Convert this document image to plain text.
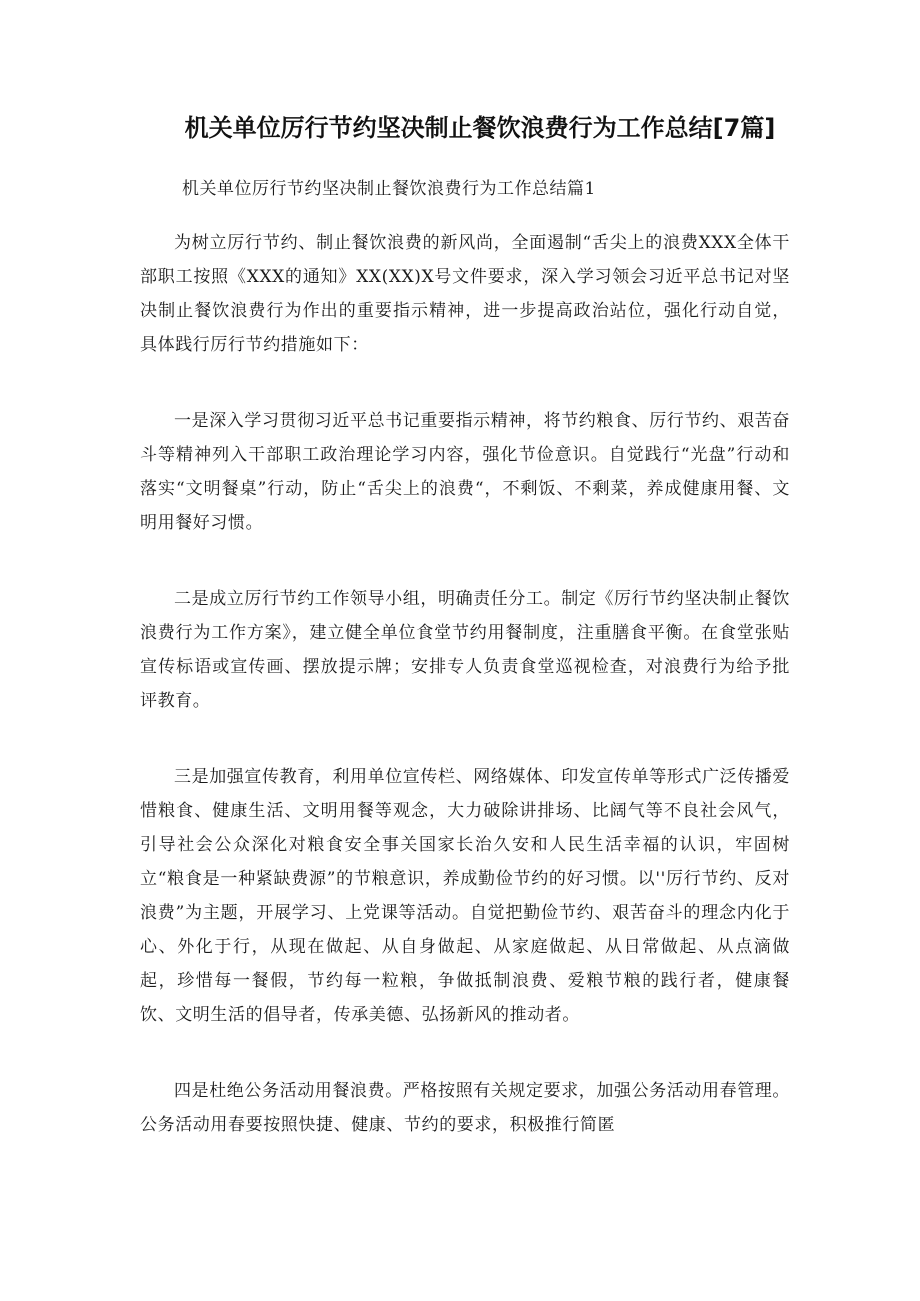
机关单位厉行节约坚决制止餐饮浪费行为工作总结[7篇]
机关单位厉行节约坚决制止餐饮浪费行为工作总结篇1

为树立厉行节约、制止餐饮浪费的新风尚，全面遏制“舌尖上的浪费XXX全体干部职工按照《XXX的通知》XX(XX)X号文件要求，深入学习领会习近平总书记对坚决制止餐饮浪费行为作出的重要指示精神，进一步提高政治站位，强化行动自觉，具体践行厉行节约措施如下：

一是深入学习贯彻习近平总书记重要指示精神，将节约粮食、厉行节约、艰苦奋斗等精神列入干部职工政治理论学习内容，强化节俭意识。自觉践行“光盘”行动和落实“文明餐桌”行动，防止“舌尖上的浪费“，不剩饭、不剩菜，养成健康用餐、文明用餐好习惯。

二是成立厉行节约工作领导小组，明确责任分工。制定《厉行节约坚决制止餐饮浪费行为工作方案》，建立健全单位食堂节约用餐制度，注重膳食平衡。在食堂张贴宣传标语或宣传画、摆放提示牌；安排专人负责食堂巡视检查，对浪费行为给予批评教育。

三是加强宣传教育，利用单位宣传栏、网络媒体、印发宣传单等形式广泛传播爱惜粮食、健康生活、文明用餐等观念，大力破除讲排场、比阔气等不良社会风气，引导社会公众深化对粮食安全事关国家长治久安和人民生活幸福的认识，牢固树立“粮食是一种紧缺费源”的节粮意识，养成勤俭节约的好习惯。以''厉行节约、反对浪费”为主题，开展学习、上党课等活动。自觉把勤俭节约、艰苦奋斗的理念内化于心、外化于行，从现在做起、从自身做起、从家庭做起、从日常做起、从点滴做起，珍惜每一餐假，节约每一粒粮，争做抵制浪费、爱粮节粮的践行者，健康餐饮、文明生活的倡导者，传承美德、弘扬新风的推动者。

四是杜绝公务活动用餐浪费。严格按照有关规定要求，加强公务活动用春管理。公务活动用春要按照快捷、健康、节约的要求，积极推行简匿
